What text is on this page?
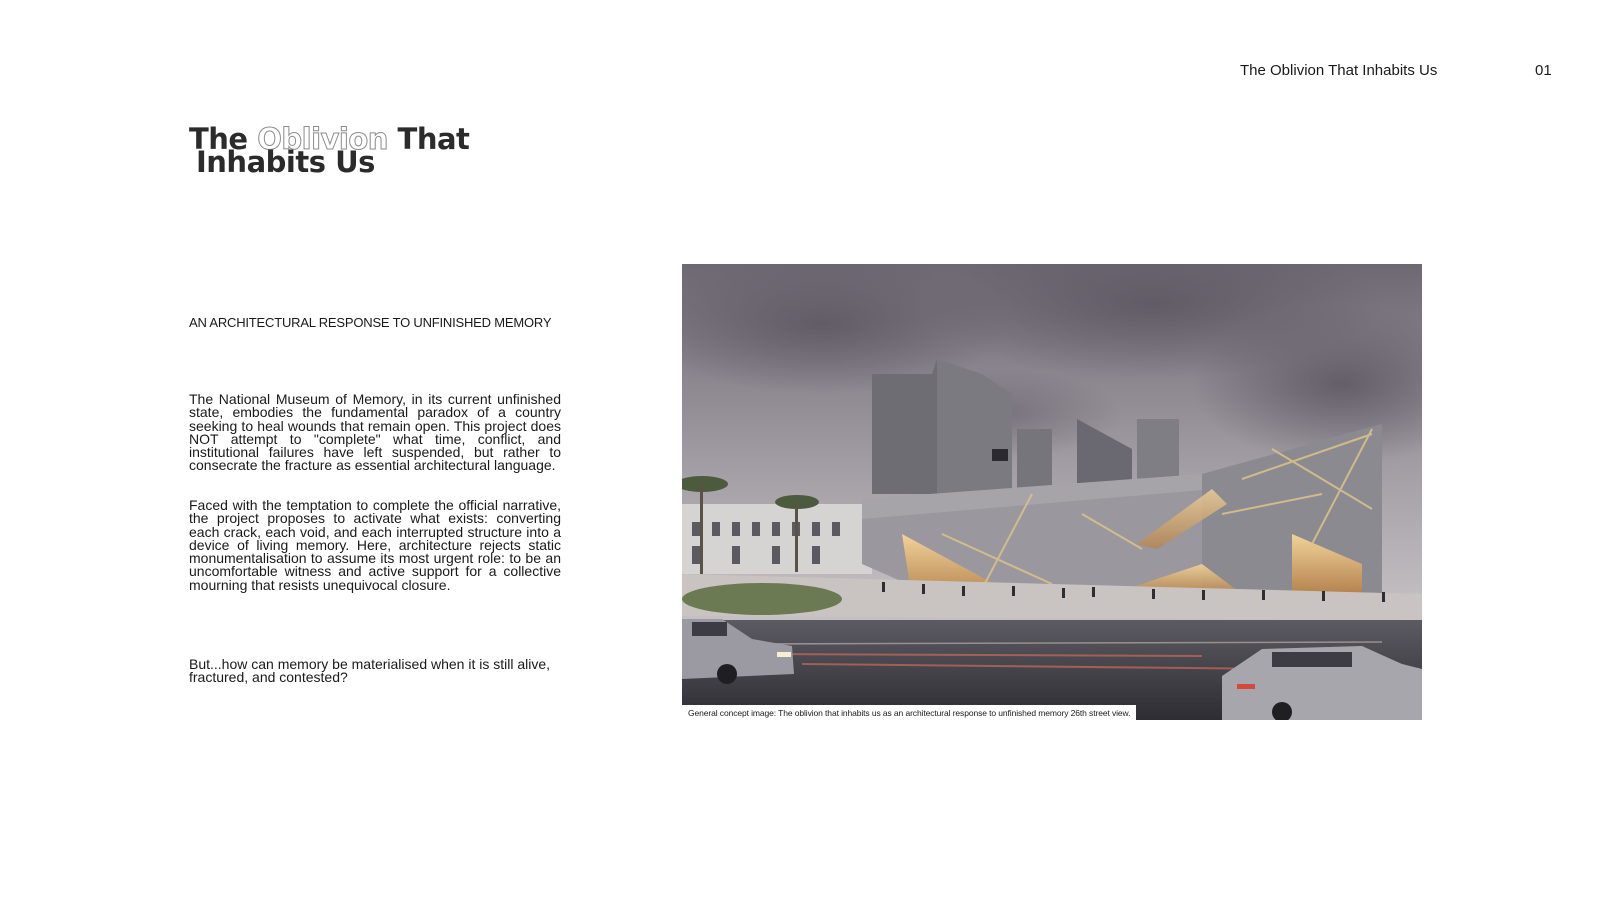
The Oblivion That Inhabits Us	01
The Oblivion That
Inhabits Us
AN ARCHITECTURAL RESPONSE TO UNFINISHED MEMORY

The National Museum of Memory, in its current unfinished state, embodies the fundamental paradox of a country seeking to heal wounds that remain open. This project does NOT attempt to "complete" what time, conflict, and institutional failures have left suspended, but rather to consecrate the fracture as essential architectural language.

Faced with the temptation to complete the official narrative, the project proposes to activate what exists: converting each crack, each void, and each interrupted structure into a device of living memory. Here, architecture rejects static monumentalisation to assume its most urgent role: to be an uncomfortable witness and active support for a collective mourning that resists unequivocal closure.

But...how can memory be materialised when it is still alive, fractured, and contested?

General concept image: The oblivion that inhabits us as an architectural response to unfinished memory 26th street view.
